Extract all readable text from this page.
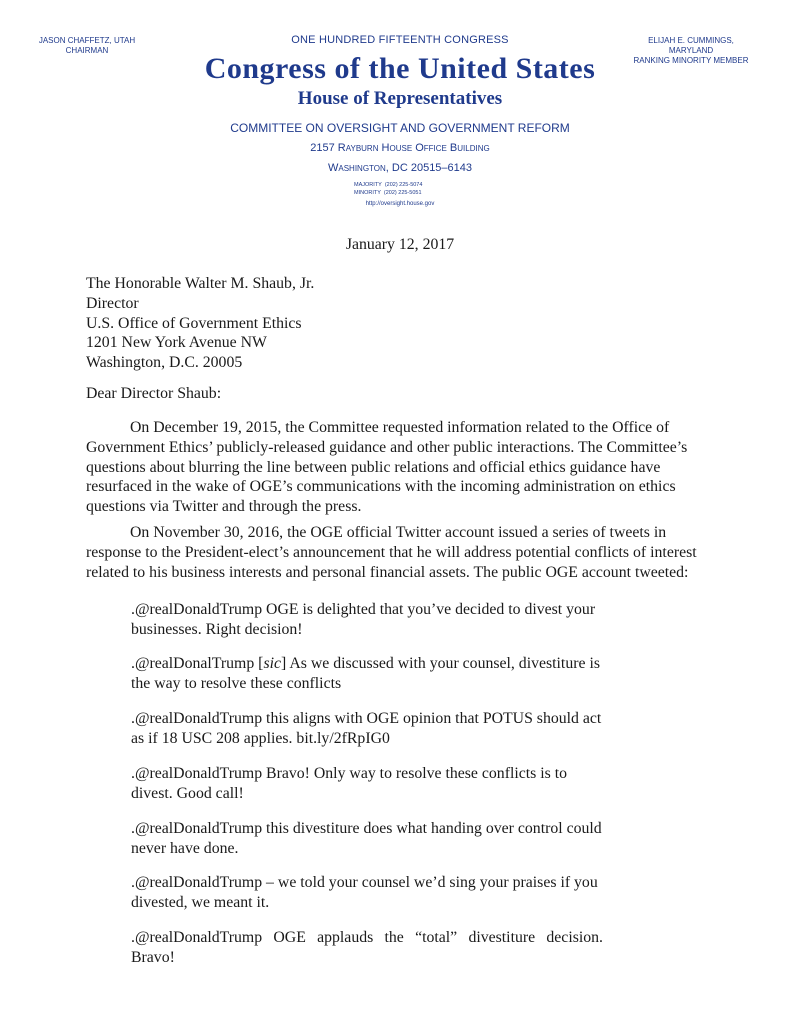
JASON CHAFFETZ, UTAH
CHAIRMAN
ELIJAH E. CUMMINGS, MARYLAND
RANKING MINORITY MEMBER
ONE HUNDRED FIFTEENTH CONGRESS
Congress of the United States
House of Representatives
COMMITTEE ON OVERSIGHT AND GOVERNMENT REFORM
2157 Rayburn House Office Building
Washington, DC 20515–6143
MAJORITY (202) 225-5074
MINORITY (202) 225-5051
http://oversight.house.gov
January 12, 2017
The Honorable Walter M. Shaub, Jr.
Director
U.S. Office of Government Ethics
1201 New York Avenue NW
Washington, D.C. 20005
Dear Director Shaub:

On December 19, 2015, the Committee requested information related to the Office of Government Ethics’ publicly-released guidance and other public interactions. The Committee’s questions about blurring the line between public relations and official ethics guidance have resurfaced in the wake of OGE’s communications with the incoming administration on ethics questions via Twitter and through the press.

On November 30, 2016, the OGE official Twitter account issued a series of tweets in response to the President-elect’s announcement that he will address potential conflicts of interest related to his business interests and personal financial assets. The public OGE account tweeted:

.@realDonaldTrump OGE is delighted that you’ve decided to divest your businesses. Right decision!
.@realDonalTrump [sic] As we discussed with your counsel, divestiture is the way to resolve these conflicts
.@realDonaldTrump this aligns with OGE opinion that POTUS should act as if 18 USC 208 applies. bit.ly/2fRpIG0
.@realDonaldTrump Bravo! Only way to resolve these conflicts is to divest. Good call!
.@realDonaldTrump this divestiture does what handing over control could never have done.
.@realDonaldTrump – we told your counsel we’d sing your praises if you divested, we meant it.
.@realDonaldTrump OGE applauds the “total” divestiture decision. Bravo!
